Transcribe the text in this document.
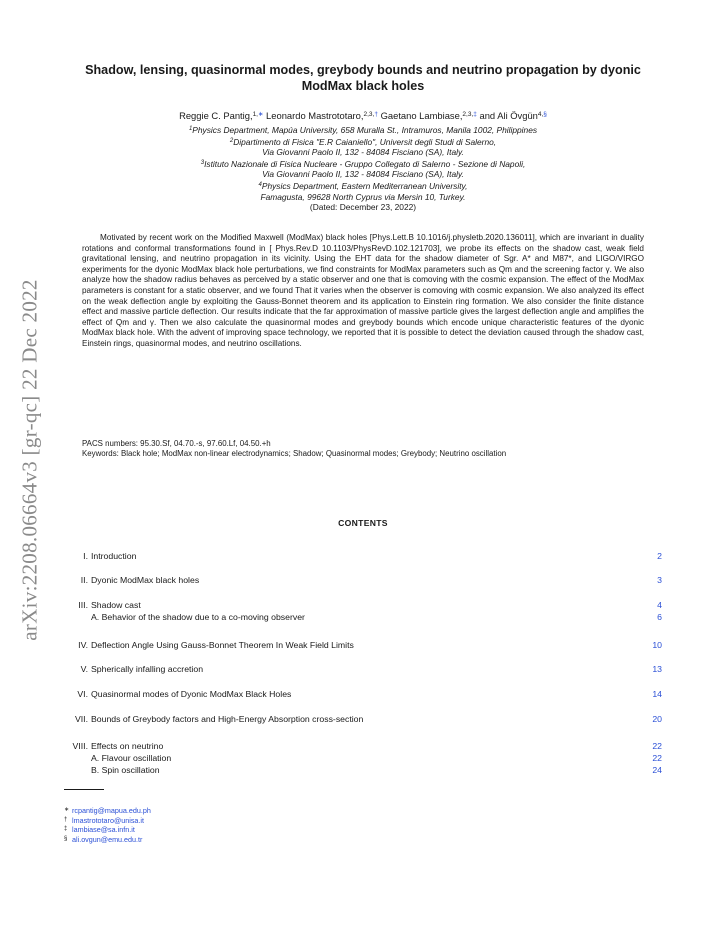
arXiv:2208.06664v3 [gr-qc] 22 Dec 2022
Shadow, lensing, quasinormal modes, greybody bounds and neutrino propagation by dyonic
ModMax black holes
Reggie C. Pantig,$^{1,∗}$ Leonardo Mastrototaro,$^{2,3,\dagger}$ Gaetano Lambiase,$^{2,3,\ddagger}$ and Ali Övgün$^{4,\S}$
$^1$Physics Department, Mapúa University, 658 Muralla St., Intramuros, Manila 1002, Philippines
$^2$Dipartimento di Fisica "E.R Caianiello", Universit degli Studi di Salerno,
Via Giovanni Paolo II, 132 - 84084 Fisciano (SA), Italy.
$^3$Istituto Nazionale di Fisica Nucleare - Gruppo Collegato di Salerno - Sezione di Napoli,
Via Giovanni Paolo II, 132 - 84084 Fisciano (SA), Italy.
$^4$Physics Department, Eastern Mediterranean University,
Famagusta, 99628 North Cyprus via Mersin 10, Turkey.
(Dated: December 23, 2022)
Motivated by recent work on the Modified Maxwell (ModMax) black holes [Phys.Lett.B 10.1016/j.physletb.2020.136011], which are invariant in duality rotations and conformal transformations found in [ Phys.Rev.D 10.1103/PhysRevD.102.121703], we probe its effects on the shadow cast, weak field gravitational lensing, and neutrino propagation in its vicinity. Using the EHT data for the shadow diameter of Sgr. A* and M87*, and LIGO/VIRGO experiments for the dyonic ModMax black hole perturbations, we find constraints for ModMax parameters such as Qm and the screening factor γ. We also analyze how the shadow radius behaves as perceived by a static observer and one that is comoving with the cosmic expansion. The effect of the ModMax parameters is constant for a static observer, and we found That it varies when the observer is comoving with cosmic expansion. We also analyzed its effect on the weak deflection angle by exploiting the Gauss-Bonnet theorem and its application to Einstein ring formation. We also consider the finite distance effect and massive particle deflection. Our results indicate that the far approximation of massive particle gives the largest deflection angle and amplifies the effect of Qm and γ. Then we also calculate the quasinormal modes and greybody bounds which encode unique characteristic features of the dyonic ModMax black hole. With the advent of improving space technology, we reported that it is possible to detect the deviation caused through the shadow cast, Einstein rings, quasinormal modes, and neutrino oscillations.
PACS numbers: 95.30.Sf, 04.70.-s, 97.60.Lf, 04.50.+h
Keywords: Black hole; ModMax non-linear electrodynamics; Shadow; Quasinormal modes; Greybody; Neutrino oscillation
CONTENTS
I. Introduction	2
II. Dyonic ModMax black holes	3
III. Shadow cast	4
A. Behavior of the shadow due to a co-moving observer	6
IV. Deflection Angle Using Gauss-Bonnet Theorem In Weak Field Limits	10
V. Spherically infalling accretion	13
VI. Quasinormal modes of Dyonic ModMax Black Holes	14
VII. Bounds of Greybody factors and High-Energy Absorption cross-section	20
VIII. Effects on neutrino	22
A. Flavour oscillation	22
B. Spin oscillation	24
∗ rcpantig@mapua.edu.ph
† lmastrototaro@unisa.it
‡ lambiase@sa.infn.it
§ ali.ovgun@emu.edu.tr
